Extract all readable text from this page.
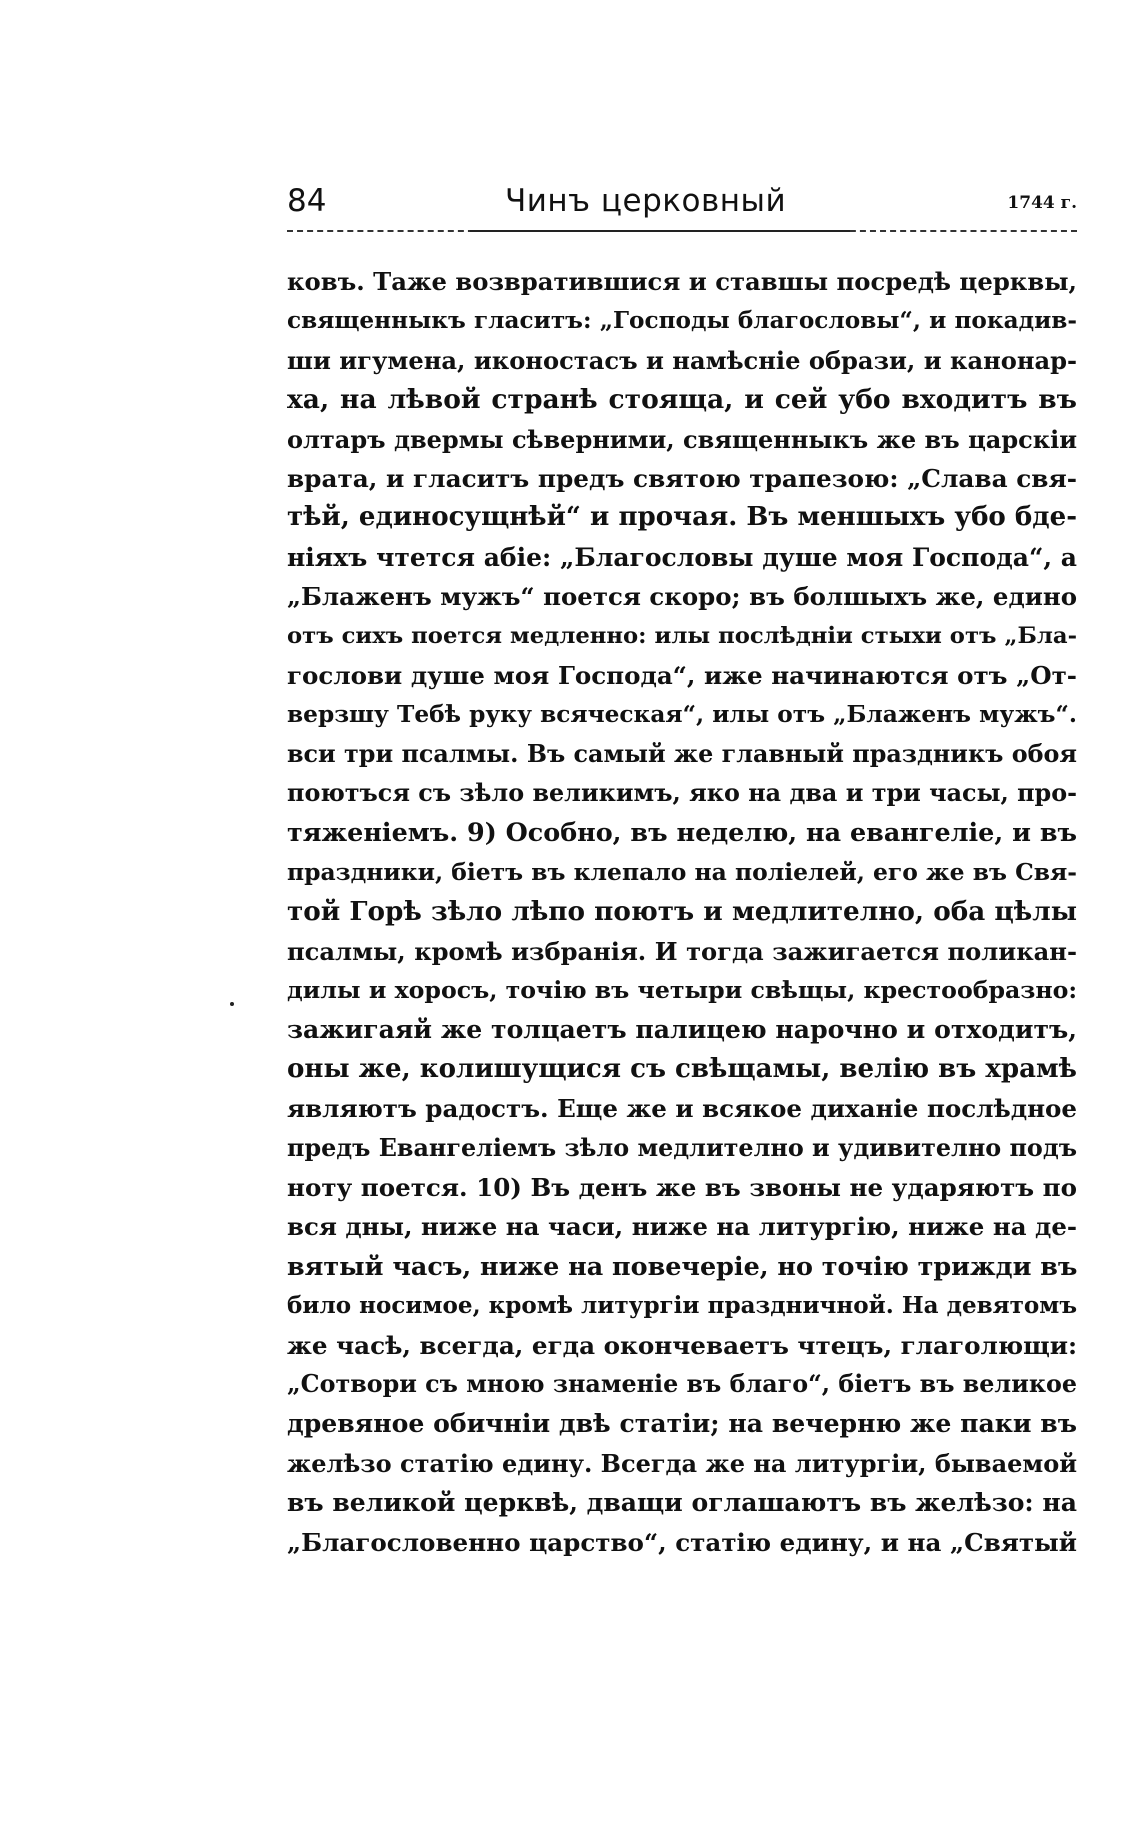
84	Чинъ церковный	1744 г.
ковъ. Таже возвратившися и ставшы посредѣ церквы,
священныкъ гласитъ: „Господы благословы“, и покадив-
ши игумена, иконостасъ и намѣсніе образи, и канонар-
ха, на лѣвой странѣ стояща, и сей убо входитъ въ
олтаръ двермы сѣверними, священныкъ же въ царскіи
врата, и гласитъ предъ святою трапезою: „Слава свя-
тѣй, единосущнѣй“ и прочая. Въ меншыхъ убо бде-
ніяхъ чтется абіе: „Благословы душе моя Господа“, а
„Блаженъ мужъ“ поется скоро; въ болшыхъ же, едино
отъ сихъ поется медленно: илы послѣдніи стыхи отъ „Бла-
гослови душе моя Господа“, иже начинаются отъ „От-
верзшу Тебѣ руку всяческая“, илы отъ „Блаженъ мужъ“.
вси три псалмы. Въ самый же главный праздникъ обоя
поютъся съ зѣло великимъ, яко на два и три часы, про-
тяженіемъ. 9) Особно, въ неделю, на евангеліе, и въ
праздники, біетъ въ клепало на поліелей, его же въ Свя-
той Горѣ зѣло лѣпо поютъ и медлително, оба цѣлы
псалмы, кромѣ избранія. И тогда зажигается поликан-
дилы и хоросъ, точію въ четыри свѣщы, крестообразно:
зажигаяй же толцаетъ палицею нарочно и отходитъ,
оны же, колишущися съ свѣщамы, велію въ храмѣ
являютъ радостъ. Еще же и всякое диханіе послѣдное
предъ Евангеліемъ зѣло медлително и удивително подъ
ноту поется. 10) Въ денъ же въ звоны не ударяютъ по
вся дны, ниже на часи, ниже на литургію, ниже на де-
вятый часъ, ниже на повечеріе, но точію трижди въ
било носимое, кромѣ литургіи праздничной. На девятомъ
же часѣ, всегда, егда окончеваетъ чтецъ, глаголющи:
„Сотвори съ мною знаменіе въ благо“, біетъ въ великое
древяное обичніи двѣ статіи; на вечерню же паки въ
желѣзо статію едину. Всегда же на литургіи, бываемой
въ великой церквѣ, дващи оглашаютъ въ желѣзо: на
„Благословенно царство“, статію едину, и на „Святый
